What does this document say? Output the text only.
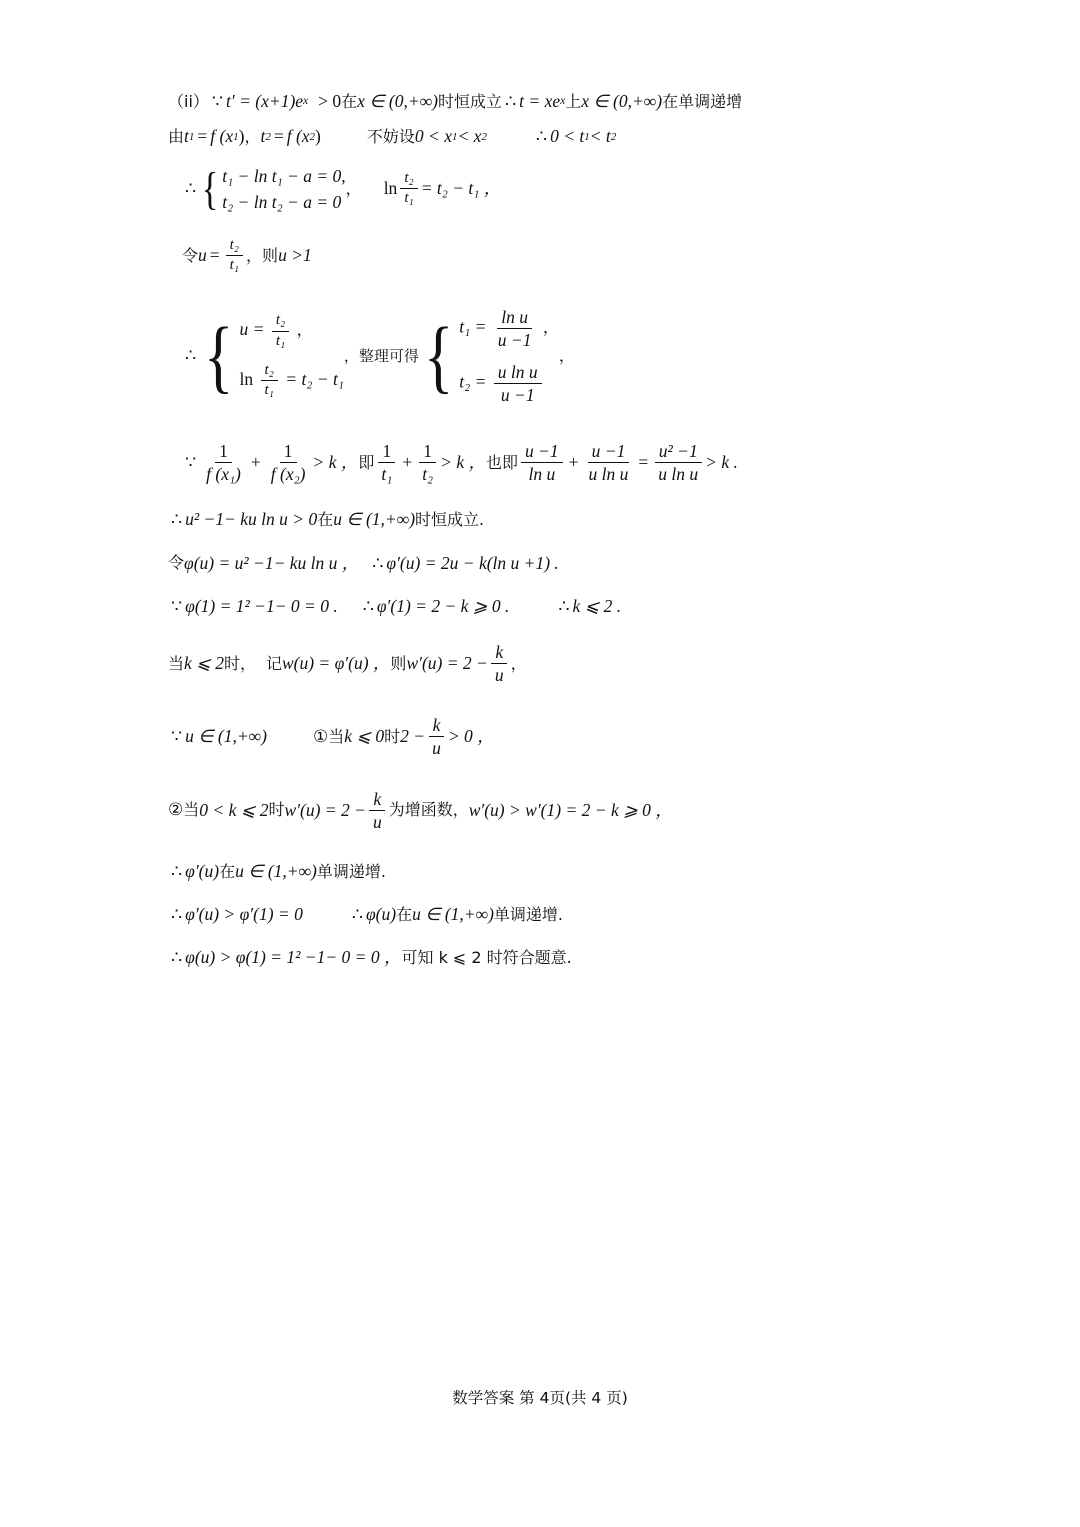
（ii） ∵ t′ = (x+1)e x > 0 在 x ∈ (0,+∞) 时恒成立 ∴ t = xe x 上 x ∈ (0,+∞) 在单调递增
由 t 1 = f (x 1 ) ， t 2 = f (x 2 )	不妨设 0 < x 1 < x 2	∴ 0 < t 1 < t 2
∴ { t₁ − ln t₁ − a = 0,
t₂ − ln t₂ − a = 0
， $\ln \frac{\text{t₂}}{\text{t₁}} = t_2 - t_1$ ，
令 $u = \frac{\text{t₂}}{\text{t₁}}$ ， 则 u >1
∴ { $u = \frac{\text{t₂}}{\text{t₁}}$ ，
$\ln \frac{\text{t₂}}{\text{t₁}} = t_2 - t_1$
，整理可得 { $t_1 = \frac{\text{ln u}}{u -1}$ ，
$t_2 = \frac{\text{u ln u}}{u -1}$
，
∵ $\frac{1}{\text{f (x₁)}} + \frac{1}{\text{f (x₂)}} > k$ ， 即 $\frac{1}{\text{t₁}} + \frac{1}{\text{t₂}} > k$ ， 也即 $\frac{u -1}{\text{ln u}} + \frac{u -1}{\text{u ln u}} = \frac{\text{u² −1}}{\text{u ln u}} > k$ .
∴ u² −1− ku ln u > 0 在 u ∈ (1,+∞) 时恒成立.
令 φ(u) = u² −1− ku ln u ， ∴ φ′(u) = 2u − k(ln u +1) .
∵ φ(1) = 1² −1− 0 = 0 . ∴ φ′(1) = 2 − k ⩾ 0 .	∴ k ⩽ 2 .
当 k ⩽ 2 时， 记 w(u) = φ′(u) ， 则 $w'(u) = 2 - \frac{k}{u}$ ，
∵ u ∈ (1,+∞)	① 当 k ⩽ 0 时 $2 - \frac{k}{u} > 0$ ，
② 当 0 < k ⩽ 2 时 $w'(u) = 2 - \frac{k}{u}$ 为增函数， w′(u) > w′(1) = 2 − k ⩾ 0 ，
∴ φ′(u) 在 u ∈ (1,+∞) 单调递增.
∴ φ′(u) > φ′(1) = 0	∴ φ(u) 在 u ∈ (1,+∞) 单调递增.
∴ φ(u) > φ(1) = 1² −1− 0 = 0 ， 可知 k ⩽ 2 时符合题意.
数学答案 第 4页(共 4 页)
